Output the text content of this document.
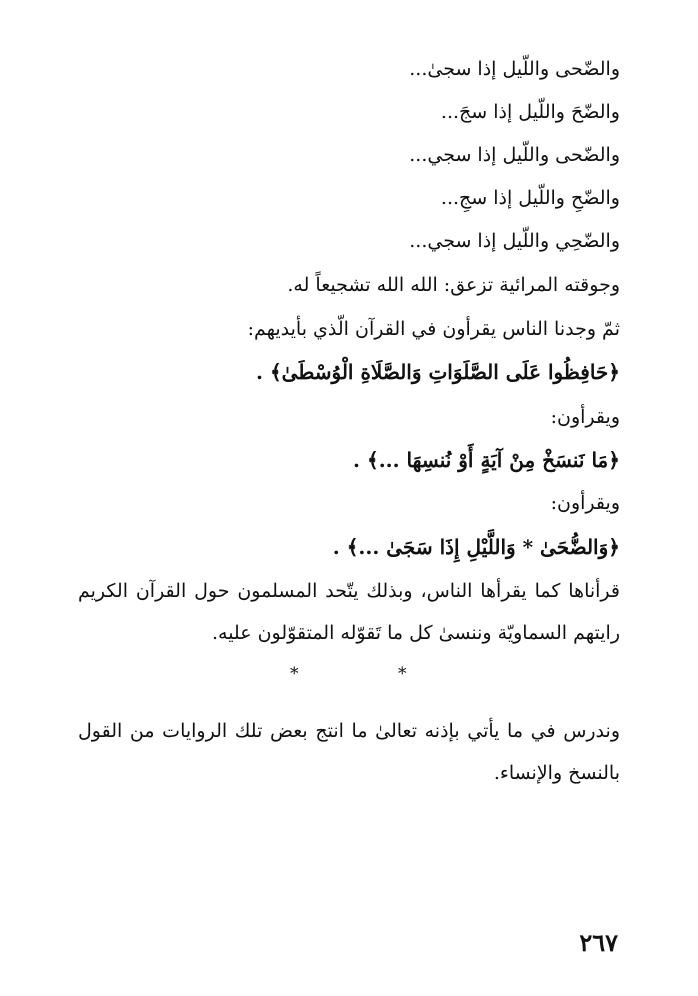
والضّحى واللّيل إذا سجىٰ...
والضّحَ واللّيل إذا سجَ...
والضّحى واللّيل إذا سجي...
والضّحِ واللّيل إذا سجِ...
والضّحِي واللّيل إذا سجي...
وجوقته المرائية تزعق: الله الله تشجيعاً له.
ثمّ وجدنا الناس يقرأون في القرآن الّذي بأيديهم:
﴿حَافِظُوا عَلَى الصَّلَوَاتِ وَالصَّلَاةِ الْوُسْطَىٰ﴾ .
ويقرأون:
﴿مَا نَنسَخْ مِنْ آيَةٍ أَوْ نُنسِهَا ...﴾ .
ويقرأون:
﴿وَالضُّحَىٰ * وَاللَّيْلِ إِذَا سَجَىٰ ...﴾ .
قرأناها كما يقرأها الناس، وبذلك يتّحد المسلمون حول القرآن الكريم
رايتهم السماويّة وننسىٰ كل ما تَقوّله المتقوّلون عليه.
*	*
وندرس في ما يأتي بإذنه تعالىٰ ما انتج بعض تلك الروايات من القول
بالنسخ والإنساء.
٢٦٧
